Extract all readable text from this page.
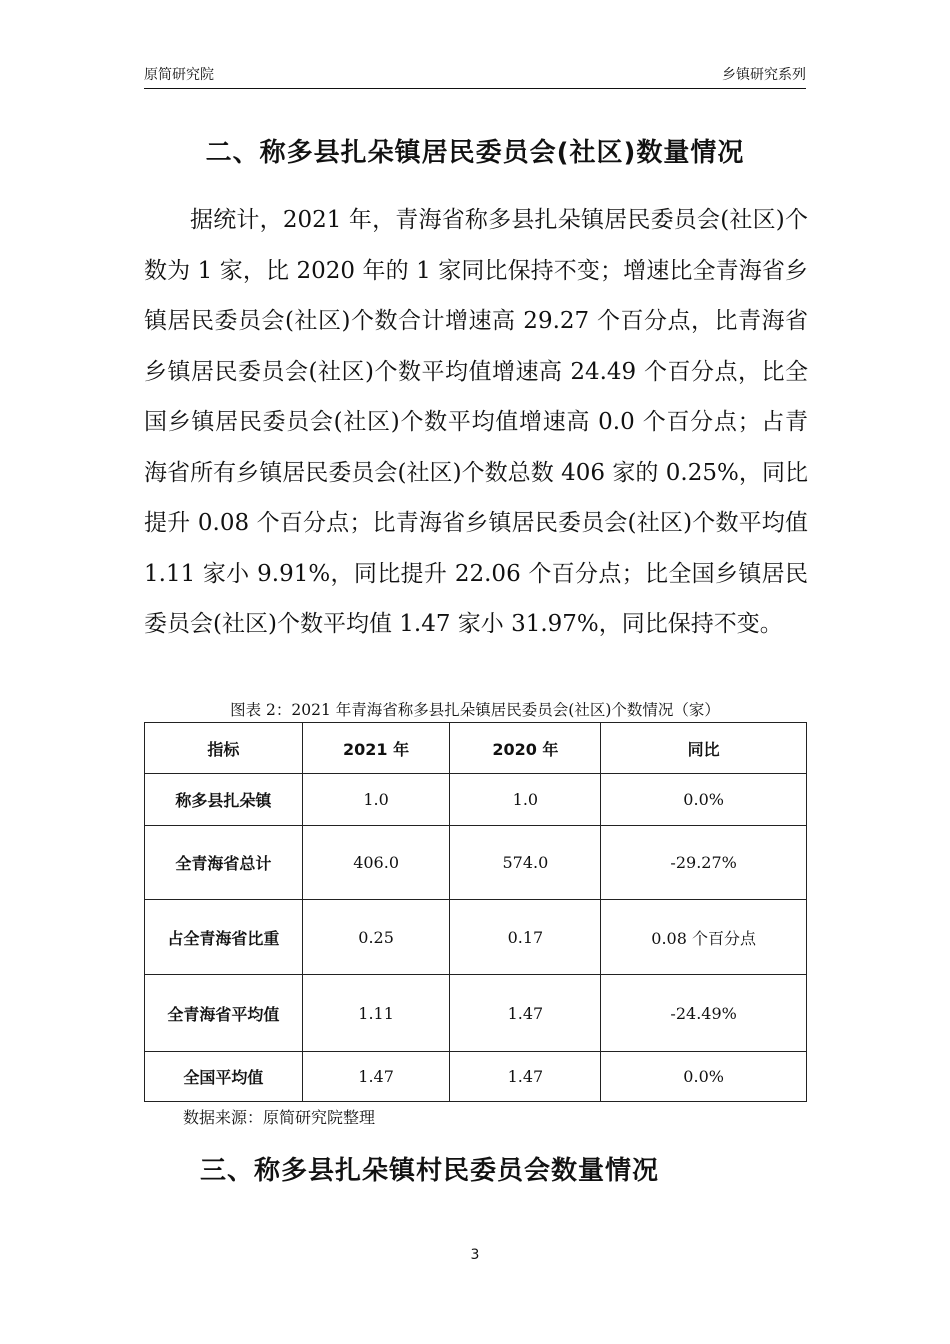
原简研究院	乡镇研究系列
二、称多县扎朵镇居民委员会(社区)数量情况
据统计，2021 年，青海省称多县扎朵镇居民委员会(社区)个数为 1 家，比 2020 年的 1 家同比保持不变；增速比全青海省乡镇居民委员会(社区)个数合计增速高 29.27 个百分点，比青海省乡镇居民委员会(社区)个数平均值增速高 24.49 个百分点，比全国乡镇居民委员会(社区)个数平均值增速高 0.0 个百分点；占青海省所有乡镇居民委员会(社区)个数总数 406 家的 0.25%，同比提升 0.08 个百分点；比青海省乡镇居民委员会(社区)个数平均值 1.11 家小 9.91%，同比提升 22.06 个百分点；比全国乡镇居民委员会(社区)个数平均值 1.47 家小 31.97%，同比保持不变。
图表 2：2021 年青海省称多县扎朵镇居民委员会(社区)个数情况（家）
指标	2021 年	2020 年	同比
称多县扎朵镇	1.0	1.0	0.0%
全青海省总计	406.0	574.0	-29.27%
占全青海省比重	0.25	0.17	0.08 个百分点
全青海省平均值	1.11	1.47	-24.49%
全国平均值	1.47	1.47	0.0%
数据来源：原简研究院整理
三、称多县扎朵镇村民委员会数量情况
3
